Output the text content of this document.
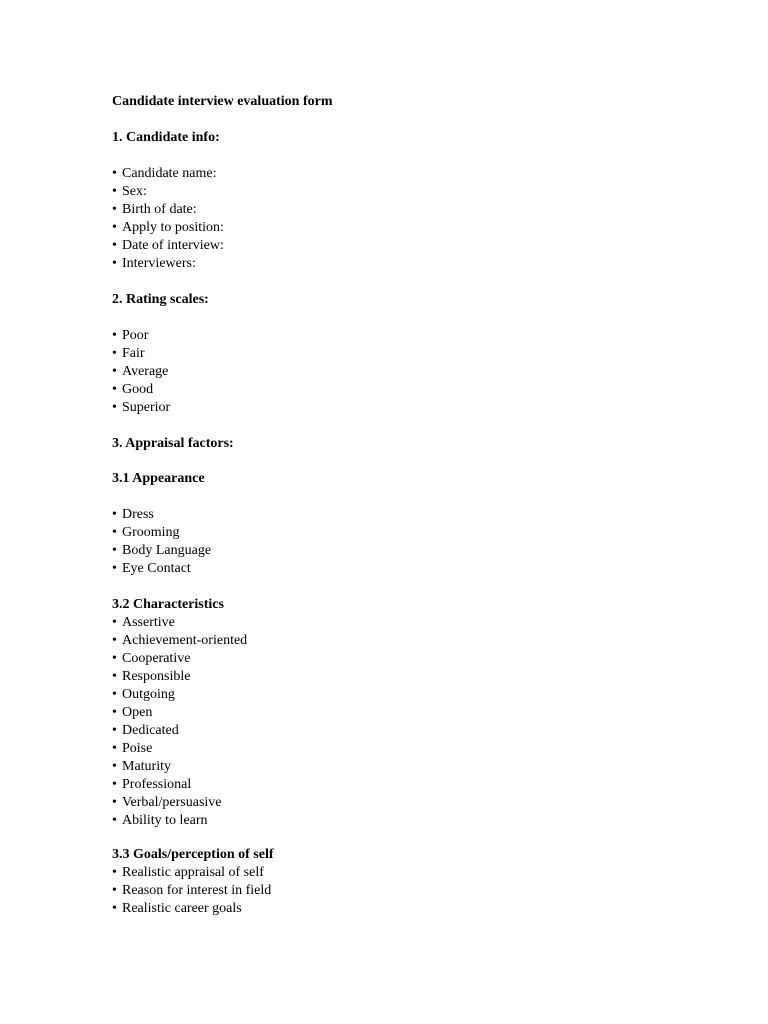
Candidate interview evaluation form
1. Candidate info:
• Candidate name:
• Sex:
• Birth of date:
• Apply to position:
• Date of interview:
• Interviewers:
2. Rating scales:
• Poor
• Fair
• Average
• Good
• Superior
3. Appraisal factors:
3.1 Appearance
• Dress
• Grooming
• Body Language
• Eye Contact
3.2 Characteristics
• Assertive
• Achievement-oriented
• Cooperative
• Responsible
• Outgoing
• Open
• Dedicated
• Poise
• Maturity
• Professional
• Verbal/persuasive
• Ability to learn
3.3 Goals/perception of self
• Realistic appraisal of self
• Reason for interest in field
• Realistic career goals
